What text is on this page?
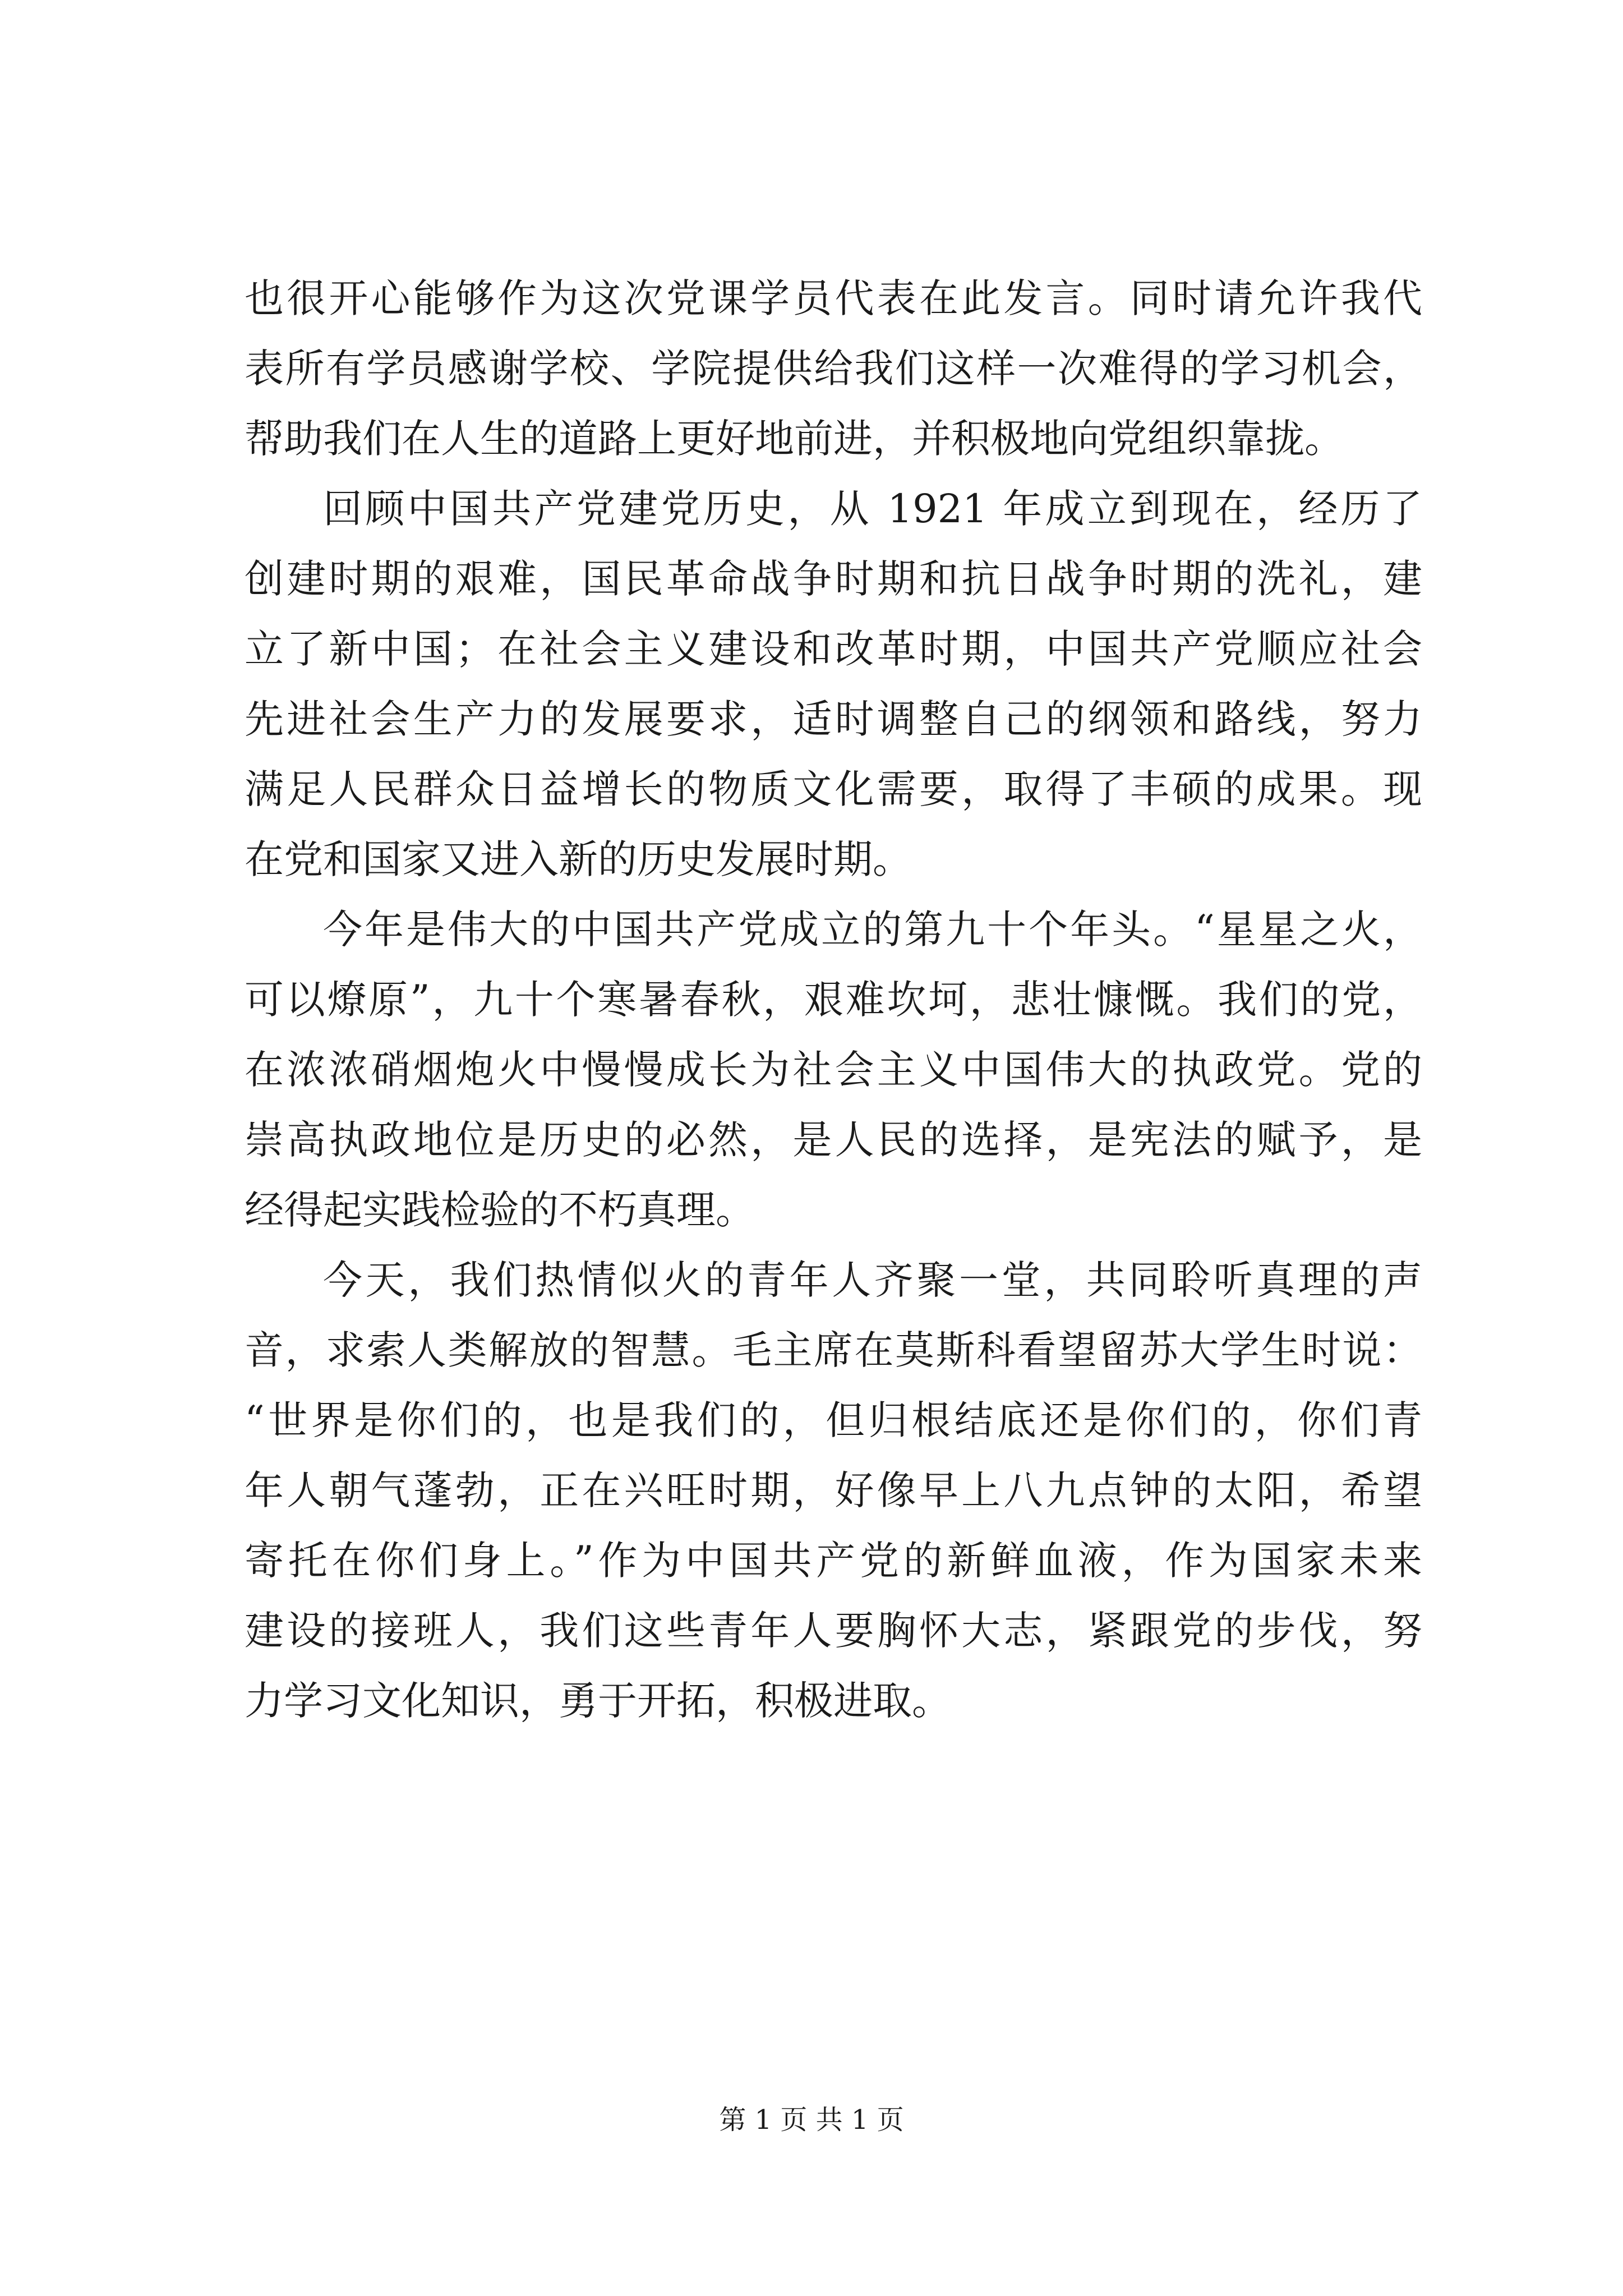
也很开心能够作为这次党课学员代表在此发言。同时请允许我代
表所有学员感谢学校、学院提供给我们这样一次难得的学习机会，
帮助我们在人生的道路上更好地前进，并积极地向党组织靠拢。
回顾中国共产党建党历史，从 1921 年成立到现在，经历了
创建时期的艰难，国民革命战争时期和抗日战争时期的洗礼，建
立了新中国；在社会主义建设和改革时期，中国共产党顺应社会
先进社会生产力的发展要求，适时调整自己的纲领和路线，努力
满足人民群众日益增长的物质文化需要，取得了丰硕的成果。现
在党和国家又进入新的历史发展时期。
今年是伟大的中国共产党成立的第九十个年头。“星星之火，
可以燎原”，九十个寒暑春秋，艰难坎坷，悲壮慷慨。我们的党，
在浓浓硝烟炮火中慢慢成长为社会主义中国伟大的执政党。党的
崇高执政地位是历史的必然，是人民的选择，是宪法的赋予，是
经得起实践检验的不朽真理。
今天，我们热情似火的青年人齐聚一堂，共同聆听真理的声
音，求索人类解放的智慧。毛主席在莫斯科看望留苏大学生时说：
“世界是你们的，也是我们的，但归根结底还是你们的，你们青
年人朝气蓬勃，正在兴旺时期，好像早上八九点钟的太阳，希望
寄托在你们身上。”作为中国共产党的新鲜血液，作为国家未来
建设的接班人，我们这些青年人要胸怀大志，紧跟党的步伐，努
力学习文化知识，勇于开拓，积极进取。
第 1 页 共 1 页
